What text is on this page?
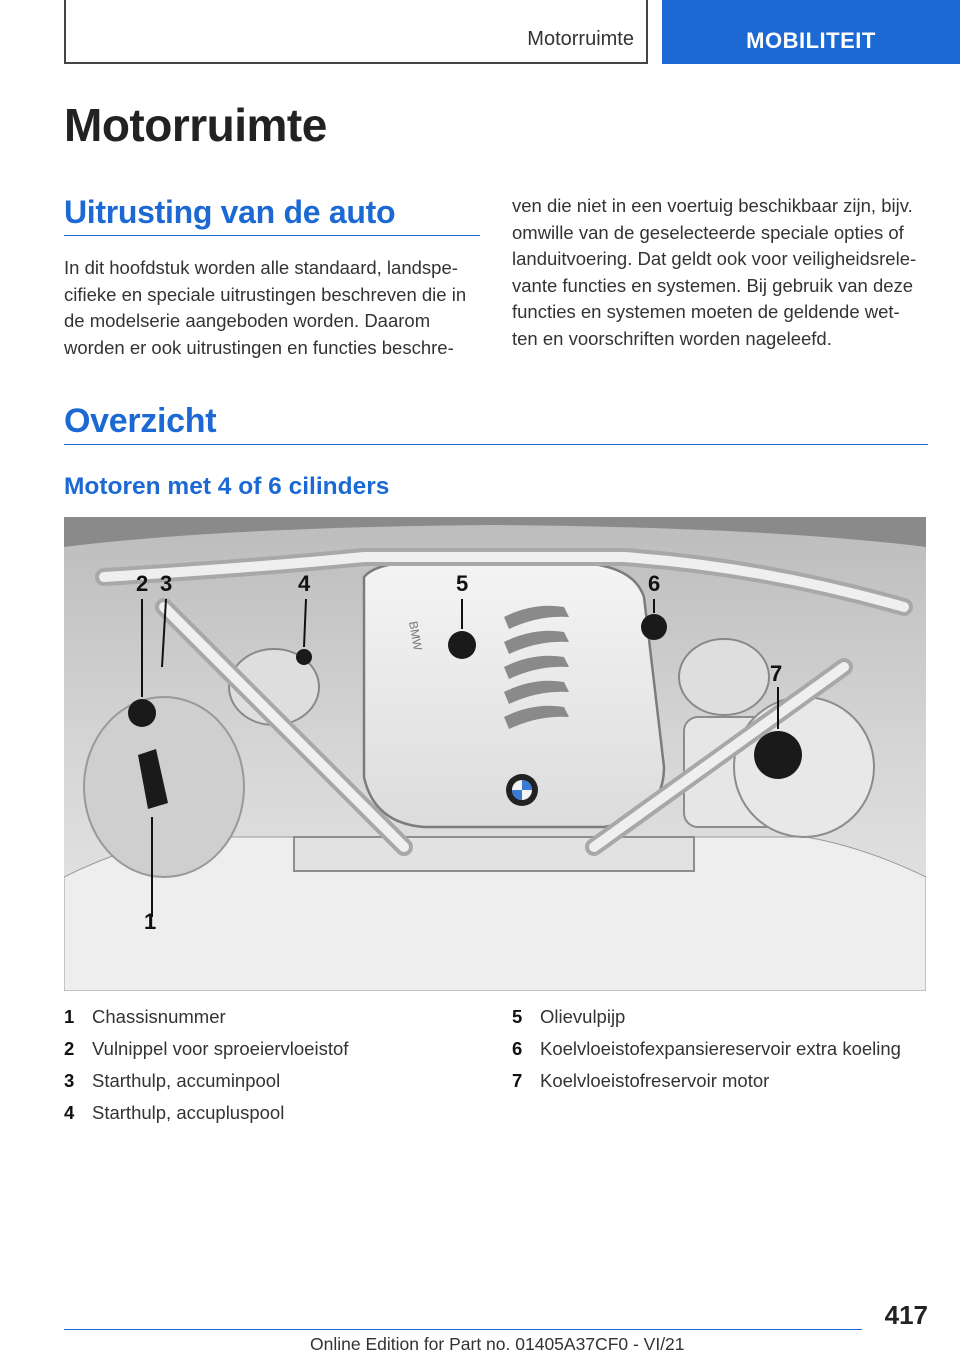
Motorruimte	MOBILITEIT
Motorruimte
Uitrusting van de auto

In dit hoofdstuk worden alle standaard, landspe-
cifieke en speciale uitrustingen beschreven die in
de modelserie aangeboden worden. Daarom
worden er ook uitrustingen en functies beschre-

ven die niet in een voertuig beschikbaar zijn, bijv.
omwille van de geselecteerde speciale opties of
landuitvoering. Dat geldt ook voor veiligheidsrele-
vante functies en systemen. Bij gebruik van deze
functies en systemen moeten de geldende wet-
ten en voorschriften worden nageleefd.

Overzicht
Motoren met 4 of 6 cilinders
BMW
1
2 3	4	5	6
7
1 Chassisnummer
2 Vulnippel voor sproeiervloeistof
3 Starthulp, accuminpool
4 Starthulp, accupluspool
5 Olievulpijp
6 Koelvloeistofexpansiereservoir extra koeling
7 Koelvloeistofreservoir motor
417
Online Edition for Part no. 01405A37CF0 - VI/21
